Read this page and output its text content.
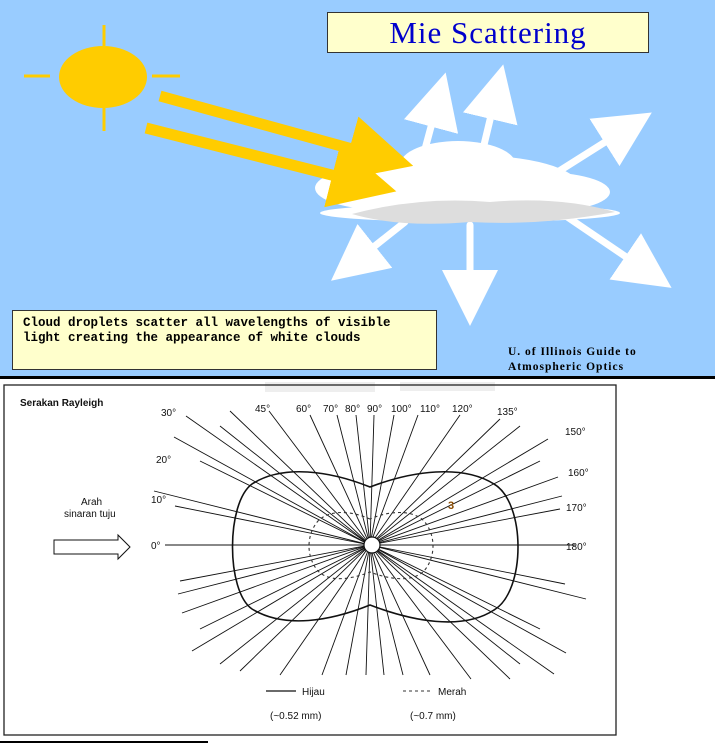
Mie Scattering
Cloud droplets scatter all wavelengths of visible light creating the appearance of white clouds
U. of Illinois Guide to
Atmospheric Optics
Serakan Rayleigh
3
0°
10°
20°
30°	45°	60° 70° 80° 90° 100° 110° 120° 135°
150°
160°
170°
180°
Arah
sinaran tuju
Hijau
(~0.52 mm)
Merah
(~0.7 mm)
